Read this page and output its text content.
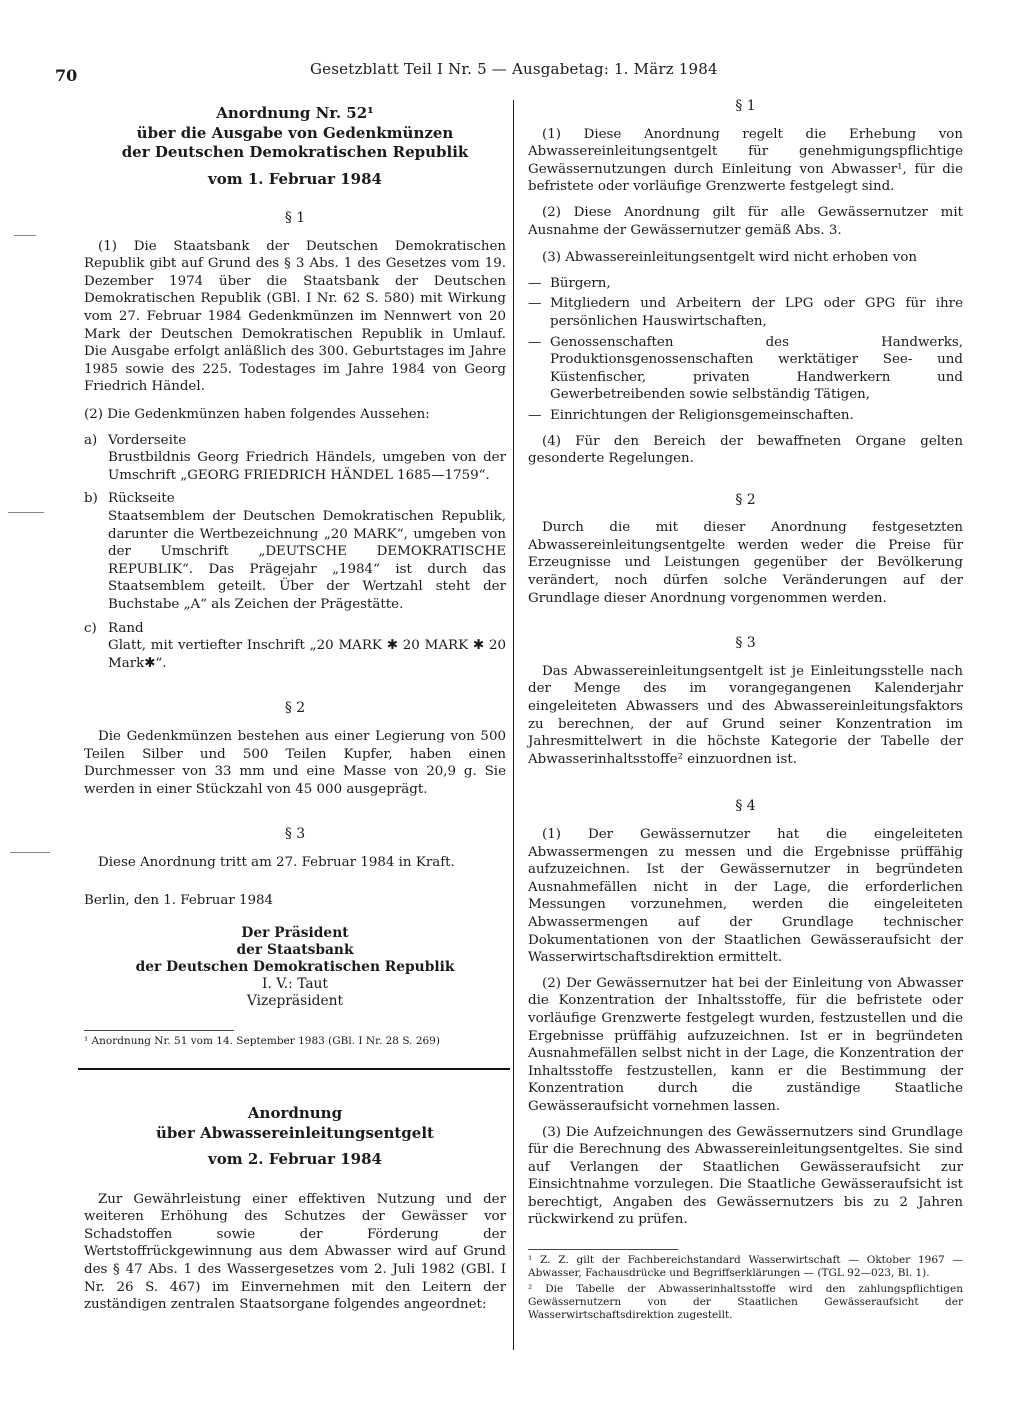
70	Gesetzblatt Teil I Nr. 5 — Ausgabetag: 1. März 1984
Anordnung Nr. 52¹
über die Ausgabe von Gedenkmünzen
der Deutschen Demokratischen Republik
vom 1. Februar 1984
§ 1

(1) Die Staatsbank der Deutschen Demokratischen Republik gibt auf Grund des § 3 Abs. 1 des Gesetzes vom 19. Dezember 1974 über die Staatsbank der Deutschen Demokratischen Republik (GBl. I Nr. 62 S. 580) mit Wirkung vom 27. Februar 1984 Gedenkmünzen im Nennwert von 20 Mark der Deutschen Demokratischen Republik in Umlauf. Die Ausgabe erfolgt anläßlich des 300. Geburtstages im Jahre 1985 sowie des 225. Todestages im Jahre 1984 von Georg Friedrich Händel.

(2) Die Gedenkmünzen haben folgendes Aussehen:

a) Vorderseite
Brustbildnis Georg Friedrich Händels, umgeben von der Umschrift „GEORG FRIEDRICH HÄNDEL 1685—1759“.
b) Rückseite
Staatsemblem der Deutschen Demokratischen Republik, darunter die Wertbezeichnung „20 MARK“, umgeben von der Umschrift „DEUTSCHE DEMOKRATISCHE REPUBLIK“. Das Prägejahr „1984“ ist durch das Staatsemblem geteilt. Über der Wertzahl steht der Buchstabe „A“ als Zeichen der Prägestätte.
c) Rand
Glatt, mit vertiefter Inschrift „20 MARK ✱ 20 MARK ✱ 20 Mark✱“.
§ 2

Die Gedenkmünzen bestehen aus einer Legierung von 500 Teilen Silber und 500 Teilen Kupfer, haben einen Durchmesser von 33 mm und eine Masse von 20,9 g. Sie werden in einer Stückzahl von 45 000 ausgeprägt.

§ 3

Diese Anordnung tritt am 27. Februar 1984 in Kraft.

Berlin, den 1. Februar 1984

Der Präsident
der Staatsbank
der Deutschen Demokratischen Republik
I. V.: Taut
Vizepräsident
¹ Anordnung Nr. 51 vom 14. September 1983 (GBl. I Nr. 28 S. 269)
Anordnung
über Abwassereinleitungsentgelt
vom 2. Februar 1984

Zur Gewährleistung einer effektiven Nutzung und der weiteren Erhöhung des Schutzes der Gewässer vor Schadstoffen sowie der Förderung der Wertstoffrückgewinnung aus dem Abwasser wird auf Grund des § 47 Abs. 1 des Wassergesetzes vom 2. Juli 1982 (GBl. I Nr. 26 S. 467) im Einvernehmen mit den Leitern der zuständigen zentralen Staatsorgane folgendes angeordnet:

§ 1

(1) Diese Anordnung regelt die Erhebung von Abwassereinleitungsentgelt für genehmigungspflichtige Gewässernutzungen durch Einleitung von Abwasser¹, für die befristete oder vorläufige Grenzwerte festgelegt sind.

(2) Diese Anordnung gilt für alle Gewässernutzer mit Ausnahme der Gewässernutzer gemäß Abs. 3.

(3) Abwassereinleitungsentgelt wird nicht erhoben von

— Bürgern,
— Mitgliedern und Arbeitern der LPG oder GPG für ihre persönlichen Hauswirtschaften,
— Genossenschaften des Handwerks, Produktionsgenossenschaften werktätiger See- und Küstenfischer, privaten Handwerkern und Gewerbetreibenden sowie selbständig Tätigen,
— Einrichtungen der Religionsgemeinschaften.

(4) Für den Bereich der bewaffneten Organe gelten gesonderte Regelungen.

§ 2

Durch die mit dieser Anordnung festgesetzten Abwassereinleitungsentgelte werden weder die Preise für Erzeugnisse und Leistungen gegenüber der Bevölkerung verändert, noch dürfen solche Veränderungen auf der Grundlage dieser Anordnung vorgenommen werden.

§ 3

Das Abwassereinleitungsentgelt ist je Einleitungsstelle nach der Menge des im vorangegangenen Kalenderjahr eingeleiteten Abwassers und des Abwassereinleitungsfaktors zu berechnen, der auf Grund seiner Konzentration im Jahresmittelwert in die höchste Kategorie der Tabelle der Abwasserinhaltsstoffe² einzuordnen ist.

§ 4

(1) Der Gewässernutzer hat die eingeleiteten Abwassermengen zu messen und die Ergebnisse prüffähig aufzuzeichnen. Ist der Gewässernutzer in begründeten Ausnahmefällen nicht in der Lage, die erforderlichen Messungen vorzunehmen, werden die eingeleiteten Abwassermengen auf der Grundlage technischer Dokumentationen von der Staatlichen Gewässeraufsicht der Wasserwirtschaftsdirektion ermittelt.

(2) Der Gewässernutzer hat bei der Einleitung von Abwasser die Konzentration der Inhaltsstoffe, für die befristete oder vorläufige Grenzwerte festgelegt wurden, festzustellen und die Ergebnisse prüffähig aufzuzeichnen. Ist er in begründeten Ausnahmefällen selbst nicht in der Lage, die Konzentration der Inhaltsstoffe festzustellen, kann er die Bestimmung der Konzentration durch die zuständige Staatliche Gewässeraufsicht vornehmen lassen.

(3) Die Aufzeichnungen des Gewässernutzers sind Grundlage für die Berechnung des Abwassereinleitungsentgeltes. Sie sind auf Verlangen der Staatlichen Gewässeraufsicht zur Einsichtnahme vorzulegen. Die Staatliche Gewässeraufsicht ist berechtigt, Angaben des Gewässernutzers bis zu 2 Jahren rückwirkend zu prüfen.

¹ Z. Z. gilt der Fachbereichstandard Wasserwirtschaft — Oktober 1967 — Abwasser, Fachausdrücke und Begriffserklärungen — (TGL 92—023, Bl. 1).
² Die Tabelle der Abwasserinhaltsstoffe wird den zahlungspflichtigen Gewässernutzern von der Staatlichen Gewässeraufsicht der Wasserwirtschaftsdirektion zugestellt.
